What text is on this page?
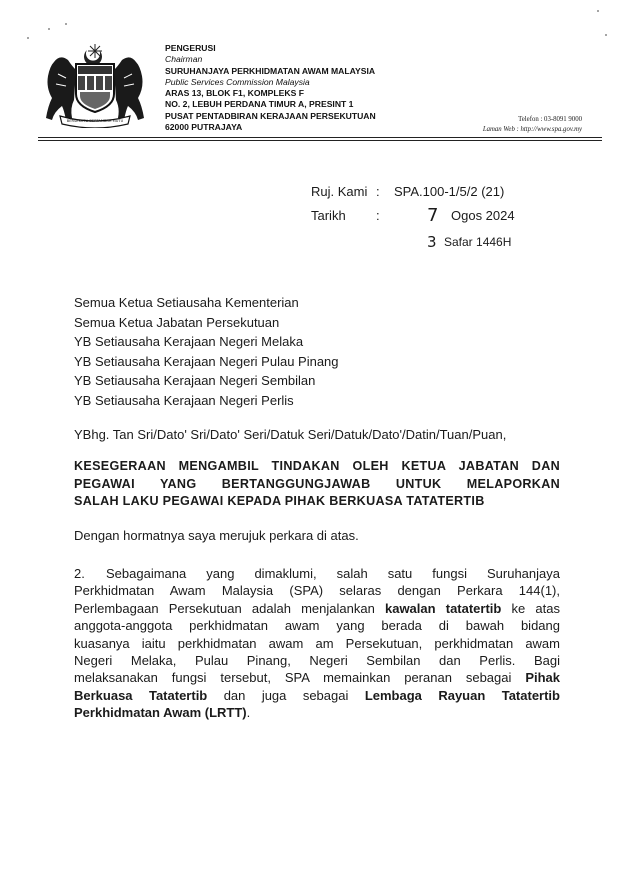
BERSEKUTU BERTAMBAH MUTU
PENGERUSI
Chairman
SURUHANJAYA PERKHIDMATAN AWAM MALAYSIA
Public Services Commission Malaysia
ARAS 13, BLOK F1, KOMPLEKS F
NO. 2, LEBUH PERDANA TIMUR A, PRESINT 1
PUSAT PENTADBIRAN KERAJAAN PERSEKUTUAN
62000 PUTRAJAYA
Telefon : 03-8091 9000
Laman Web : http://www.spa.gov.my
Ruj. Kami : SPA.100-1/5/2 (21)
Tarikh :	7 Ogos 2024
3 Safar 1446H
Semua Ketua Setiausaha Kementerian
Semua Ketua Jabatan Persekutuan
YB Setiausaha Kerajaan Negeri Melaka
YB Setiausaha Kerajaan Negeri Pulau Pinang
YB Setiausaha Kerajaan Negeri Sembilan
YB Setiausaha Kerajaan Negeri Perlis
YBhg. Tan Sri/Dato' Sri/Dato' Seri/Datuk Seri/Datuk/Dato'/Datin/Tuan/Puan,
KESEGERAAN MENGAMBIL TINDAKAN OLEH KETUA JABATAN DAN
PEGAWAI YANG BERTANGGUNGJAWAB UNTUK MELAPORKAN
SALAH LAKU PEGAWAI KEPADA PIHAK BERKUASA TATATERTIB
Dengan hormatnya saya merujuk perkara di atas.
2. Sebagaimana yang dimaklumi, salah satu fungsi Suruhanjaya
Perkhidmatan Awam Malaysia (SPA) selaras dengan Perkara 144(1),
Perlembagaan Persekutuan adalah menjalankan kawalan tatatertib ke atas
anggota-anggota perkhidmatan awam yang berada di bawah bidang
kuasanya iaitu perkhidmatan awam am Persekutuan, perkhidmatan awam
Negeri Melaka, Pulau Pinang, Negeri Sembilan dan Perlis. Bagi
melaksanakan fungsi tersebut, SPA memainkan peranan sebagai Pihak
Berkuasa Tatatertib dan juga sebagai Lembaga Rayuan Tatatertib
Perkhidmatan Awam (LRTT).
